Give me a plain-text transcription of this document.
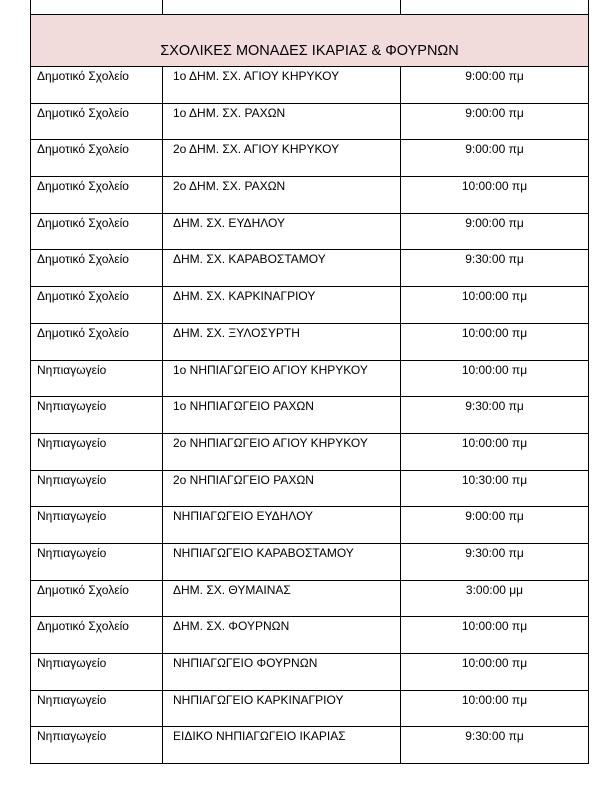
ΣΧΟΛΙΚΕΣ ΜΟΝΑΔΕΣ ΙΚΑΡΙΑΣ & ΦΟΥΡΝΩΝ		
Δημοτικό Σχολείο	1ο ΔΗΜ. ΣΧ. ΑΓΙΟΥ ΚΗΡΥΚΟΥ	9:00:00 πμ
Δημοτικό Σχολείο	1ο ΔΗΜ. ΣΧ. ΡΑΧΩΝ	9:00:00 πμ
Δημοτικό Σχολείο	2ο ΔΗΜ. ΣΧ. ΑΓΙΟΥ ΚΗΡΥΚΟΥ	9:00:00 πμ
Δημοτικό Σχολείο	2ο ΔΗΜ. ΣΧ. ΡΑΧΩΝ	10:00:00 πμ
Δημοτικό Σχολείο	ΔΗΜ. ΣΧ. ΕΥΔΗΛΟΥ	9:00:00 πμ
Δημοτικό Σχολείο	ΔΗΜ. ΣΧ. ΚΑΡΑΒΟΣΤΑΜΟΥ	9:30:00 πμ
Δημοτικό Σχολείο	ΔΗΜ. ΣΧ. ΚΑΡΚΙΝΑΓΡΙΟΥ	10:00:00 πμ
Δημοτικό Σχολείο	ΔΗΜ. ΣΧ. ΞΥΛΟΣΥΡΤΗ	10:00:00 πμ
Νηπιαγωγείο	1ο ΝΗΠΙΑΓΩΓΕΙΟ ΑΓΙΟΥ ΚΗΡΥΚΟΥ	10:00:00 πμ
Νηπιαγωγείο	1ο ΝΗΠΙΑΓΩΓΕΙΟ ΡΑΧΩΝ	9:30:00 πμ
Νηπιαγωγείο	2ο ΝΗΠΙΑΓΩΓΕΙΟ ΑΓΙΟΥ ΚΗΡΥΚΟΥ	10:00:00 πμ
Νηπιαγωγείο	2ο ΝΗΠΙΑΓΩΓΕΙΟ ΡΑΧΩΝ	10:30:00 πμ
Νηπιαγωγείο	ΝΗΠΙΑΓΩΓΕΙΟ ΕΥΔΗΛΟΥ	9:00:00 πμ
Νηπιαγωγείο	ΝΗΠΙΑΓΩΓΕΙΟ ΚΑΡΑΒΟΣΤΑΜΟΥ	9:30:00 πμ
Δημοτικό Σχολείο	ΔΗΜ. ΣΧ. ΘΥΜΑΙΝΑΣ	3:00:00 μμ
Δημοτικό Σχολείο	ΔΗΜ. ΣΧ. ΦΟΥΡΝΩΝ	10:00:00 πμ
Νηπιαγωγείο	ΝΗΠΙΑΓΩΓΕΙΟ ΦΟΥΡΝΩΝ	10:00:00 πμ
Νηπιαγωγείο	ΝΗΠΙΑΓΩΓΕΙΟ ΚΑΡΚΙΝΑΓΡΙΟΥ	10:00:00 πμ
Νηπιαγωγείο	ΕΙΔΙΚΟ ΝΗΠΙΑΓΩΓΕΙΟ ΙΚΑΡΙΑΣ	9:30:00 πμ
